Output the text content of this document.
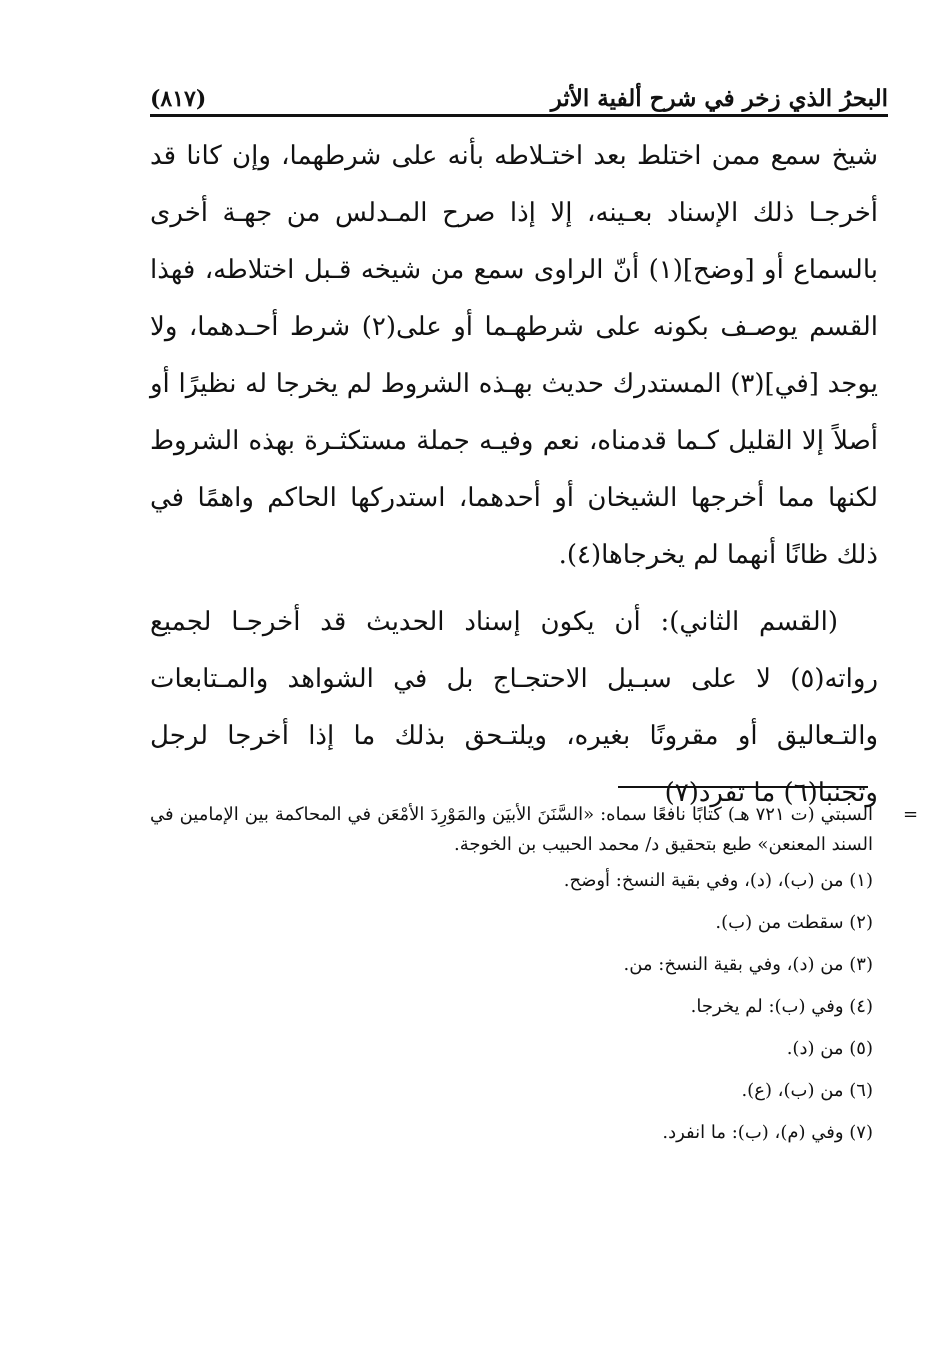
البحرُ الذي زخر في شرح ألفية الأثر
(٨١٧)

شيخ سمع ممن اختلط بعد اختـلاطه بأنه على شرطهما، وإن كانا قد أخرجـا ذلك الإسناد بعـينه، إلا إذا صرح المـدلس من جهـة أخرى بالسماع أو [وضح](١) أنّ الراوى سمع من شيخه قـبل اختلاطه، فهذا القسم يوصـف بكونه على شرطهـما أو على(٢) شرط أحـدهما، ولا يوجد [في](٣) المستدرك حديث بهـذه الشروط لم يخرجا له نظيرًا أو أصلاً إلا القليل كـما قدمناه، نعم وفيـه جملة مستكثـرة بهذه الشروط لكنها مما أخرجها الشيخان أو أحدهما، استدركها الحاكم واهمًا في ذلك ظانًا أنهما لم يخرجاها(٤).

(القسم الثاني): أن يكون إسناد الحديث قد أخرجـا لجميع رواته(٥) لا على سبـيل الاحتجـاج بل في الشواهد والمـتابعات والتـعاليق أو مقرونًا بغيره، ويلتـحق بذلك ما إذا أخرجا لرجل وتجنبا(٦) ما تفرد(٧)

=

السبتي (ت ٧٢١ هـ) كتابًا نافعًا سماه: «السَّنَنَ الأبيَن والمَوْرِدَ الأمْعَن في المحاكمة بين الإمامين في السند المعنعن» طبع بتحقيق د/ محمد الحبيب بن الخوجة.

(١) من (ب)، (د)، وفي بقية النسخ: أوضح.

(٢) سقطت من (ب).

(٣) من (د)، وفي بقية النسخ: من.

(٤) وفي (ب): لم يخرجا.

(٥) من (د).

(٦) من (ب)، (ع).

(٧) وفي (م)، (ب): ما انفرد.
